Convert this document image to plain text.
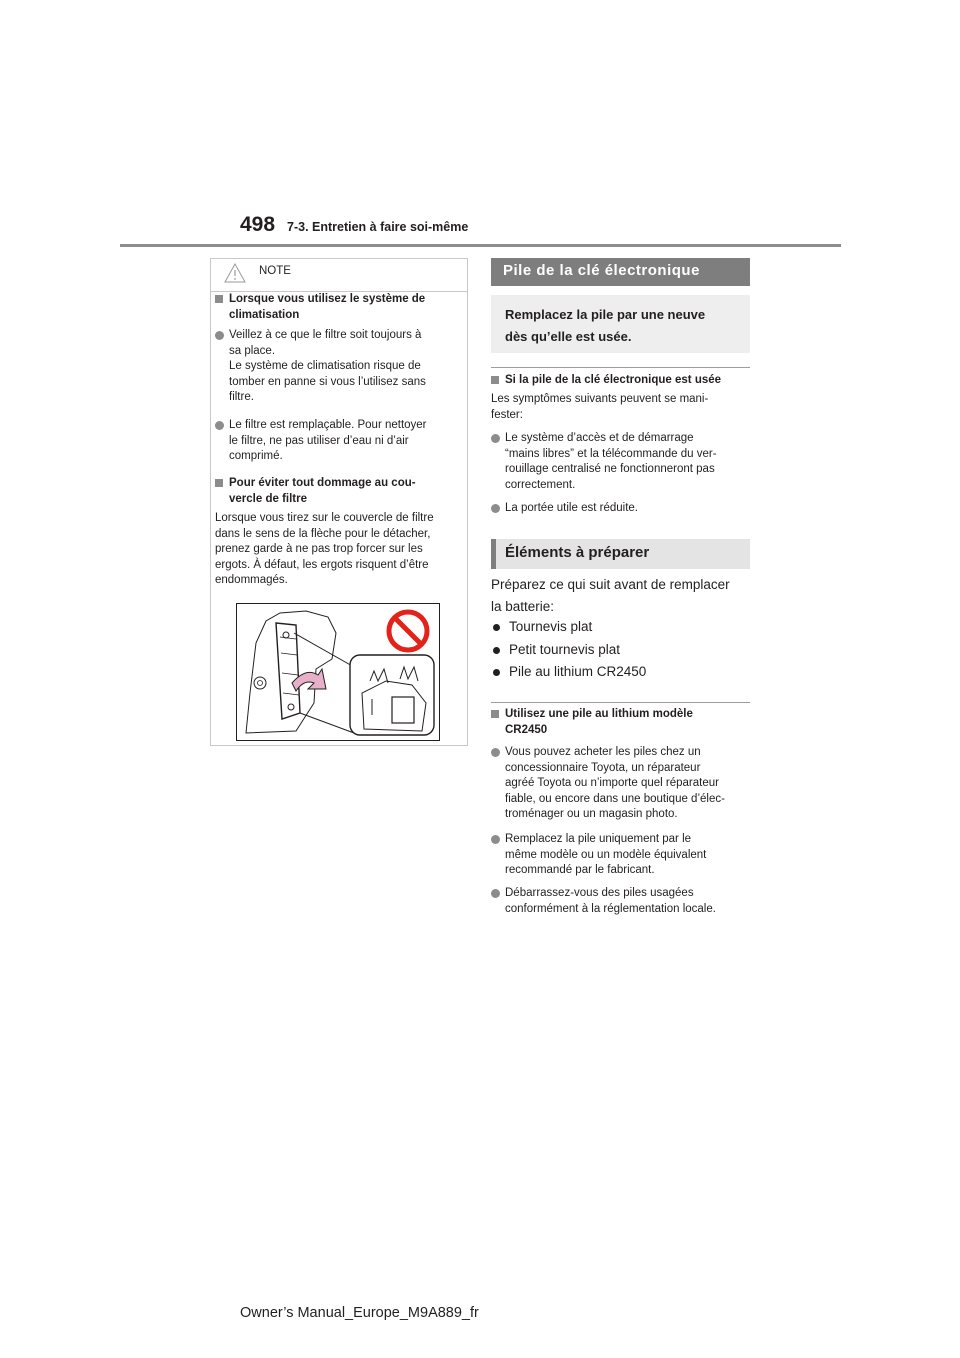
498 7-3. Entretien à faire soi-même
NOTE
Lorsque vous utilisez le système de
climatisation
Veillez à ce que le filtre soit toujours à
sa place.
Le système de climatisation risque de
tomber en panne si vous l’utilisez sans
filtre.
Le filtre est remplaçable. Pour nettoyer
le filtre, ne pas utiliser d’eau ni d’air
comprimé.
Pour éviter tout dommage au cou-
vercle de filtre
Lorsque vous tirez sur le couvercle de filtre
dans le sens de la flèche pour le détacher,
prenez garde à ne pas trop forcer sur les
ergots. À défaut, les ergots risquent d’être
endommagés.
Pile de la clé électronique
Remplacez la pile par une neuve
dès qu’elle est usée.
Si la pile de la clé électronique est usée
Les symptômes suivants peuvent se mani-
fester:
Le système d’accès et de démarrage
“mains libres” et la télécommande du ver-
rouillage centralisé ne fonctionneront pas
correctement.
La portée utile est réduite.
Éléments à préparer
Préparez ce qui suit avant de remplacer
la batterie:
Tournevis plat
Petit tournevis plat
Pile au lithium CR2450
Utilisez une pile au lithium modèle
CR2450
Vous pouvez acheter les piles chez un
concessionnaire Toyota, un réparateur
agréé Toyota ou n’importe quel réparateur
fiable, ou encore dans une boutique d’élec-
troménager ou un magasin photo.
Remplacez la pile uniquement par le
même modèle ou un modèle équivalent
recommandé par le fabricant.
Débarrassez-vous des piles usagées
conformément à la réglementation locale.
Owner’s Manual_Europe_M9A889_fr
